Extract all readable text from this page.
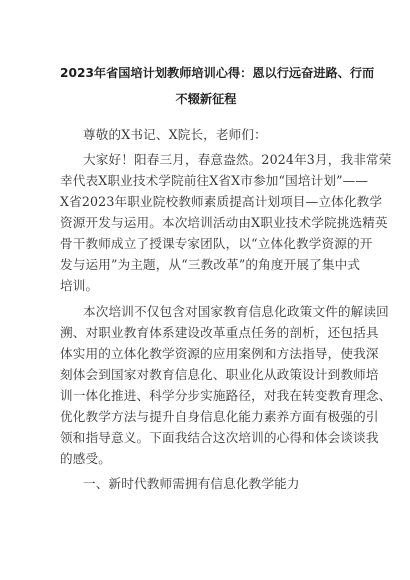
2023年省国培计划教师培训心得：恩以行远奋进路、行而
不辍新征程
尊敬的X书记、X院长，老师们：
大家好！阳春三月，春意盎然。2024年3月，我非常荣
幸代表X职业技术学院前往X省X市参加“国培计划”——
X省2023年职业院校教师素质提高计划项目—立体化教学
资源开发与运用。本次培训活动由X职业技术学院挑选精英
骨干教师成立了授课专家团队，以“立体化教学资源的开
发与运用”为主题，从“三教改革”的角度开展了集中式
培训。
本次培训不仅包含对国家教育信息化政策文件的解读回
溯、对职业教育体系建设改革重点任务的剖析，还包括具
体实用的立体化教学资源的应用案例和方法指导，使我深
刻体会到国家对教育信息化、职业化从政策设计到教师培
训一体化推进、科学分步实施路径，对我在转变教育理念、
优化教学方法与提升自身信息化能力素养方面有极强的引
领和指导意义。下面我结合这次培训的心得和体会谈谈我
的感受。
一、新时代教师需拥有信息化教学能力
